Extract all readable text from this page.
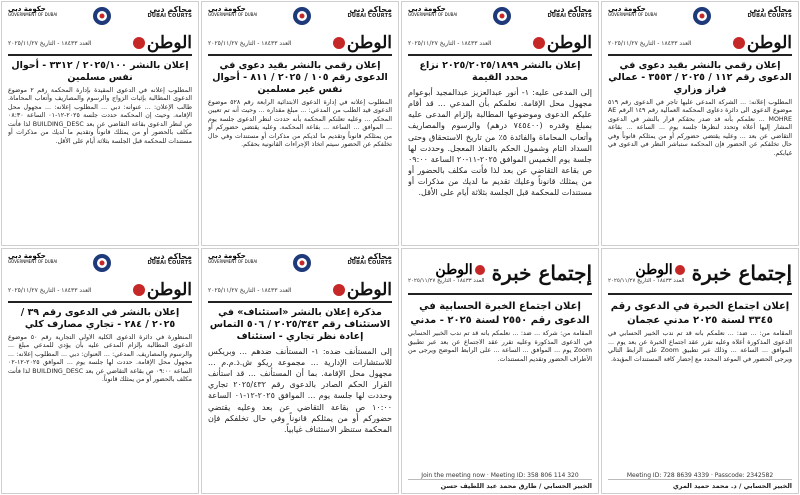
حكومة دبي
GOVERNMENT OF DUBAI
محاكم دبي
DUBAI COURTS
العدد ١٨٤٣٣ - التاريخ ٢٠٢٥/١١/٢٧	الوطن
إعلان رقمي بالنشر بقيد دعوى في الدعوى رقم ١١٢ / ٢٠٢٥ / ٣٥٥٣ - عمالي فراز وزاري
المطلوب إعلانه: ... الشركة المدعى عليها تاجر في الدعوى رقم ٥١٩ موضوع الدعوى الى دائرة دعاوى المحكمة العمالية رقم ١٤٩ الرقم AE MOHRE ... نعلمكم بأنه قد صدر بحقكم قرار بالنشر في الدعوى المشار إليها أعلاه وتحدد لنظرها جلسة يوم ... الساعة ... بقاعة التقاضي عن بعد ... وعليه يقتضي حضوركم أو من يمثلكم قانوناً وفي حال تخلفكم عن الحضور فإن المحكمة ستباشر النظر في الدعوى في غيابكم.
حكومة دبي
GOVERNMENT OF DUBAI
محاكم دبي
DUBAI COURTS
العدد ١٨٤٣٣ - التاريخ ٢٠٢٥/١١/٢٧	الوطن
إعلان بالنشر ٢٠٢٥/٢٠٢٥/١٨٩٩ نزاع محدد القيمة
إلى المدعى عليه: ١- أنور عبدالعزيز عبدالمجيد أبوعوام مجهول محل الإقامة. نعلمكم بأن المدعي ... قد أقام عليكم الدعوى وموضوعها المطالبة بإلزام المدعى عليه بمبلغ وقدره (٧٤٥٤٠٠ درهم) والرسوم والمصاريف وأتعاب المحاماة والفائدة ٥٪ من تاريخ الاستحقاق وحتى السداد التام وشمول الحكم بالنفاذ المعجل. وحددت لها جلسة يوم الخميس الموافق ٢٠٢٥-١١-٢٠ الساعة ٠٩:٠٠ ص بقاعة التقاضي عن بعد لذا فأنت مكلف بالحضور أو من يمثلك قانوناً وعليك تقديم ما لديك من مذكرات أو مستندات للمحكمة قبل الجلسة بثلاثة أيام على الأقل.
حكومة دبي
GOVERNMENT OF DUBAI
محاكم دبي
DUBAI COURTS
العدد ١٨٤٣٣ - التاريخ ٢٠٢٥/١١/٢٧	الوطن
إعلان رقمي بالنشر بقيد دعوى في الدعوى رقم ١٠٥ / ٢٠٢٥ / ٨١١ - أحوال نفس غير مسلمين
المطلوب إعلانه في إدارة الدعوى الابتدائية الرابعة رقم ٥٢٨ موضوع الدعوى قيد الطلب من المدعي: ... مبلغ مقداره ... وحيث أنه تم تعيين المحكم ... وعليه تعلنكم المحكمة بأنه حددت لنظر الدعوى جلسة يوم ... الموافق ... الساعة ... بقاعة المحكمة. وعليه يقتضي حضوركم أو من يمثلكم قانوناً وتقديم ما لديكم من مذكرات أو مستندات وفي حال تخلفكم عن الحضور سيتم اتخاذ الإجراءات القانونية بحقكم.
حكومة دبي
GOVERNMENT OF DUBAI
محاكم دبي
DUBAI COURTS
العدد ١٨٤٣٣ - التاريخ ٢٠٢٥/١١/٢٧	الوطن
إعلان بالنشر ٢٠٢٥/١٠٠ / ٣٣١٢ - أحوال نفس مسلمين
المطلوب إعلانه في الدعوى المقيدة بإدارة المحكمة رقم ٢ موضوع الدعوى المطالبة بإثبات الزواج والرسوم والمصاريف وأتعاب المحاماة. طالب الإعلان: ... عنوانه: دبي ... المطلوب إعلانه: ... مجهول محل الإقامة. وحيث إن المحكمة حددت جلسة ٢٠٢٥-١٢-٠١ الساعة ٠٨:٣٠ ص لنظر الدعوى بقاعة التقاضي عن بعد BUILDING_DESC لذا فأنت مكلف بالحضور أو من يمثلك قانوناً وتقديم ما لديك من مذكرات أو مستندات للمحكمة قبل الجلسة بثلاثة أيام على الأقل.
إجتماع خبرة
الوطن
العدد ١٨٤٣٣ - التاريخ ٢٠٢٥/١١/٢٧
إعلان اجتماع الخبرة في الدعوى رقم ٣٣٤٥ لسنة ٢٠٢٥ مدني عجمان
المقامة من: ... ضد: ... نعلمكم بأنه قد تم ندب الخبير الحسابي في الدعوى المذكورة أعلاه وعليه تقرر عقد اجتماع الخبرة عن بعد يوم ... الموافق ... الساعة ... وذلك عبر تطبيق Zoom على الرابط التالي ويرجى الحضور في الموعد المحدد مع إحضار كافة المستندات المؤيدة.
Meeting ID: 728 8639 4339 · Passcode: 2342582
الخبير الحسابي / د. محمد حميد المري
إجتماع خبرة
الوطن
العدد ١٨٤٣٣ - التاريخ ٢٠٢٥/١١/٢٧
إعلان اجتماع الخبرة الحسابية في الدعوى رقم ٢٥٥٠ لسنة ٢٠٢٥ - مدني
المقامة من: شركة ... ضد: ... نعلمكم بأنه قد تم ندب الخبير الحسابي في الدعوى المذكورة وعليه تقرر عقد الاجتماع عن بعد عبر تطبيق Zoom يوم ... الموافق ... الساعة ... على الرابط الموضح ويرجى من الأطراف الحضور وتقديم المستندات.
Join the meeting now · Meeting ID: 358 806 114 320
الخبير الحسابي / طارق محمد عبد اللطيف حسن
حكومة دبي
GOVERNMENT OF DUBAI
محاكم دبي
DUBAI COURTS
العدد ١٨٤٣٣ - التاريخ ٢٠٢٥/١١/٢٧	الوطن
مذكرة إعلان بالنشر «استئناف» في الاستئناف رقم ٢٠٢٥/٣٤٣ / ٥٠٦ التماس إعادة نظر تجاري - استئناف
إلى المستأنف ضده: ١- المستأنف ضدهم ... وبريكس للاستشارات الإدارية ... مجموعة ريكو ش.ذ.م.م ... مجهول محل الإقامة. بما أن المستأنف ... قد استأنف القرار الحكم الصادر بالدعوى رقم ٢٠٢٥/٤٣٢ تجاري وحددت لها جلسة يوم ... الموافق ٢٠٢٥-١٢-٠١ الساعة ١٠:٠٠ ص بقاعة التقاضي عن بعد وعليه يقتضي حضوركم أو من يمثلكم قانوناً وفي حال تخلفكم فإن المحكمة ستنظر الاستئناف غيابياً.
حكومة دبي
GOVERNMENT OF DUBAI
محاكم دبي
DUBAI COURTS
العدد ١٨٤٣٣ - التاريخ ٢٠٢٥/١١/٢٧	الوطن
إعلان بالنشر في الدعوى رقم ٣٩ / ٢٠٢٥ / ٢٨٤ - تجاري مصارف كلي
المنظورة في دائرة الدعوى الكلية الأولى التجارية رقم ٥٠ موضوع الدعوى المطالبة بإلزام المدعى عليه بأن يؤدي للمدعي مبلغ ... والرسوم والمصاريف. المدعي: ... العنوان: دبي ... المطلوب إعلانه: ... مجهول محل الإقامة. حددت لها جلسة يوم ... الموافق ٢٠٢٥-١٢-٠٢ الساعة ٠٩:٠٠ ص بقاعة التقاضي عن بعد BUILDING_DESC لذا فأنت مكلف بالحضور أو من يمثلك قانوناً.
